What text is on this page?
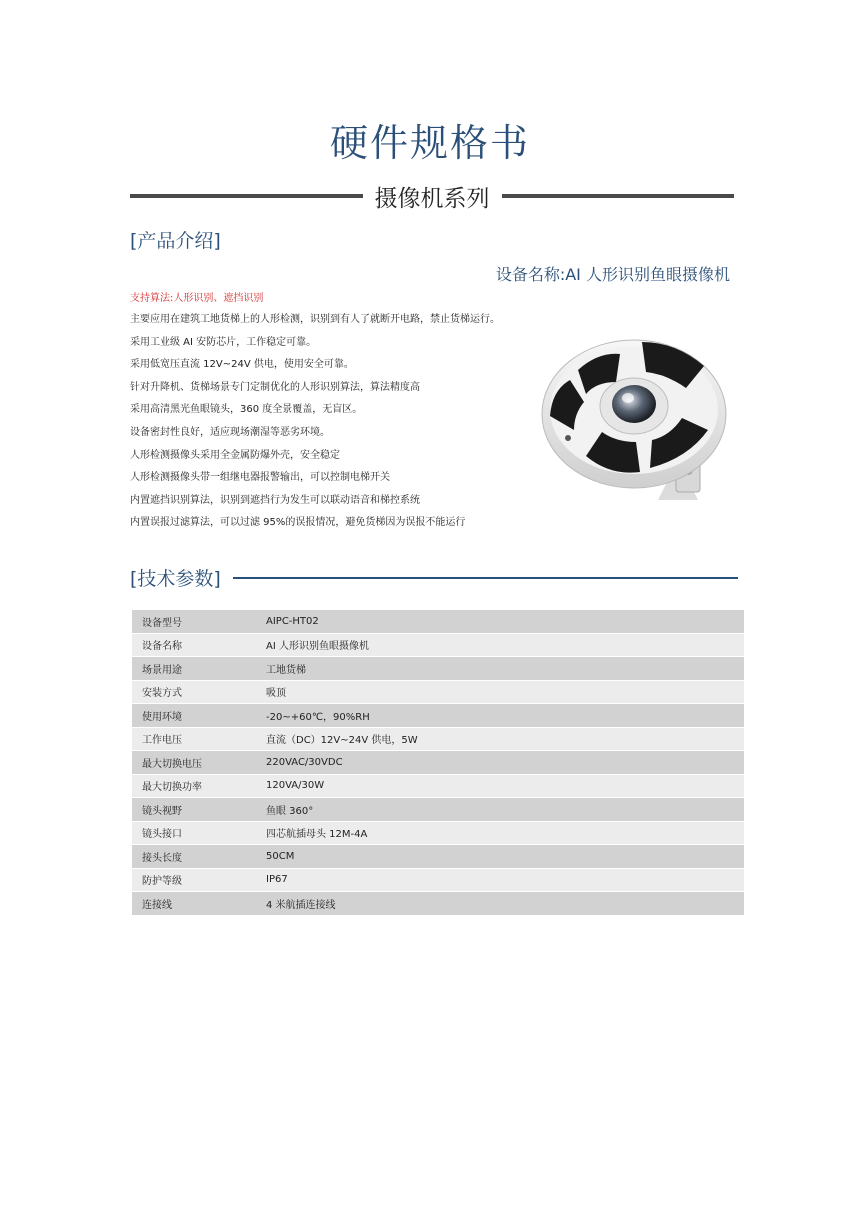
硬件规格书
摄像机系列
[产品介绍]
设备名称:AI 人形识别鱼眼摄像机
支持算法:人形识别、遮挡识别
主要应用在建筑工地货梯上的人形检测，识别到有人了就断开电路，禁止货梯运行。
采用工业级 AI 安防芯片，工作稳定可靠。
采用低宽压直流 12V~24V 供电，使用安全可靠。
针对升降机、货梯场景专门定制优化的人形识别算法，算法精度高
采用高清黑光鱼眼镜头，360 度全景覆盖，无盲区。
设备密封性良好，适应现场潮湿等恶劣环境。
人形检测摄像头采用全金属防爆外壳，安全稳定
人形检测摄像头带一组继电器报警输出，可以控制电梯开关
内置遮挡识别算法，识别到遮挡行为发生可以联动语音和梯控系统
内置误报过滤算法，可以过滤 95%的误报情况，避免货梯因为误报不能运行
[技术参数]
设备型号	AIPC-HT02
设备名称	AI 人形识别鱼眼摄像机
场景用途	工地货梯
安装方式	吸顶
使用环境	-20~+60℃，90%RH
工作电压	直流（DC）12V~24V 供电，5W
最大切换电压	220VAC/30VDC
最大切换功率	120VA/30W
镜头视野	鱼眼 360°
镜头接口	四芯航插母头 12M-4A
接头长度	50CM
防护等级	IP67
连接线	4 米航插连接线
